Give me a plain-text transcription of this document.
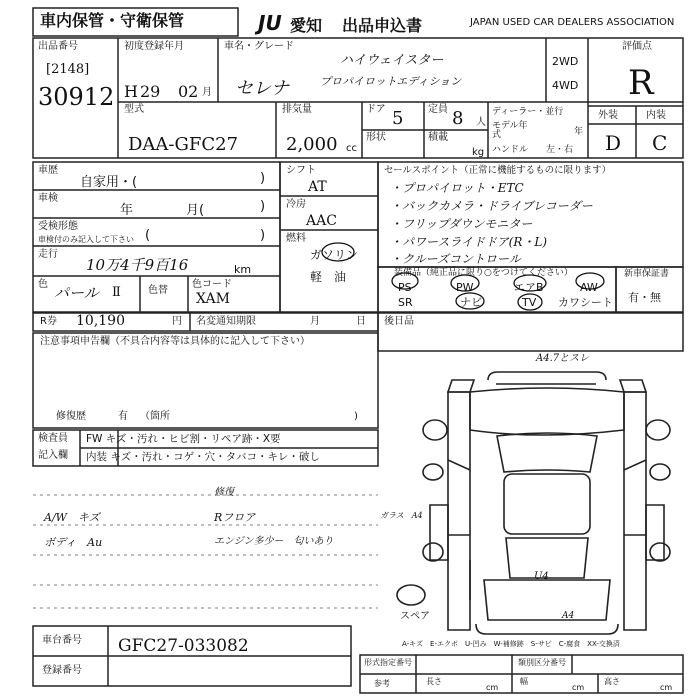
車内保管・守衛保管	JU 愛知 出品申込書	JAPAN USED CAR DEALERS ASSOCIATION
出品番号
[2148]
30912
初度登録年月
H 29 02 月
車名・グレード
セレナ
ハイウェイスター
プロパイロットエディション
2WD
4WD
型式
DAA-GFC27
排気量
2,000 cc
ドア 5 定員 8 人
形状	積載
kg
ディーラー・並行
モデル年式	年
ハンドル 左・右
評価点
R
外装	内装
D C
車歴
自家用・(	)
車検
年	月(	)
受検形態
車検付のみ記入して下さい (	)
走行
10万4千9百16	km
色 パール Ⅱ	色替
色コード
XAM
シフト
AT
冷房
AAC
燃料
ガソリン
軽　油
セールスポイント（正常に機能するものに限ります）
・プロパイロット・ETC
・バックカメラ・ドライブレコーダー
・フリップダウンモニター
・パワースライドドア(R・L)
・クルーズコントロール
装備品（純正品に限り○をつけてください）
PS	PW	エアB	AW
SR	ナビ	TV カワシート
新車保証書
有・無
R券 10,190	円 名変通知期限	月	日 後日品
注意事項申告欄（不具合内容等は具体的に記入して下さい）
修復歴	有 （箇所	)
検査員
記入欄
FW キズ・汚れ・ヒビ割・リペア跡・X要
内装 キズ・汚れ・コゲ・穴・タバコ・キレ・破し
A/W　キズ
ボディ　Au
修復
Rフロア
エンジン多少ー　匂いあり
ガラス　A4
A4.7とスレ
U4
A4
スペア
A-キズ　E-エクボ　U-凹み　W-補修跡　S-サビ　C-腐食　XX-交換済
車台番号 GFC27-033082
登録番号
形式指定番号	類別区分番号
参考	長さ	幅	高さ
cm	cm	cm
